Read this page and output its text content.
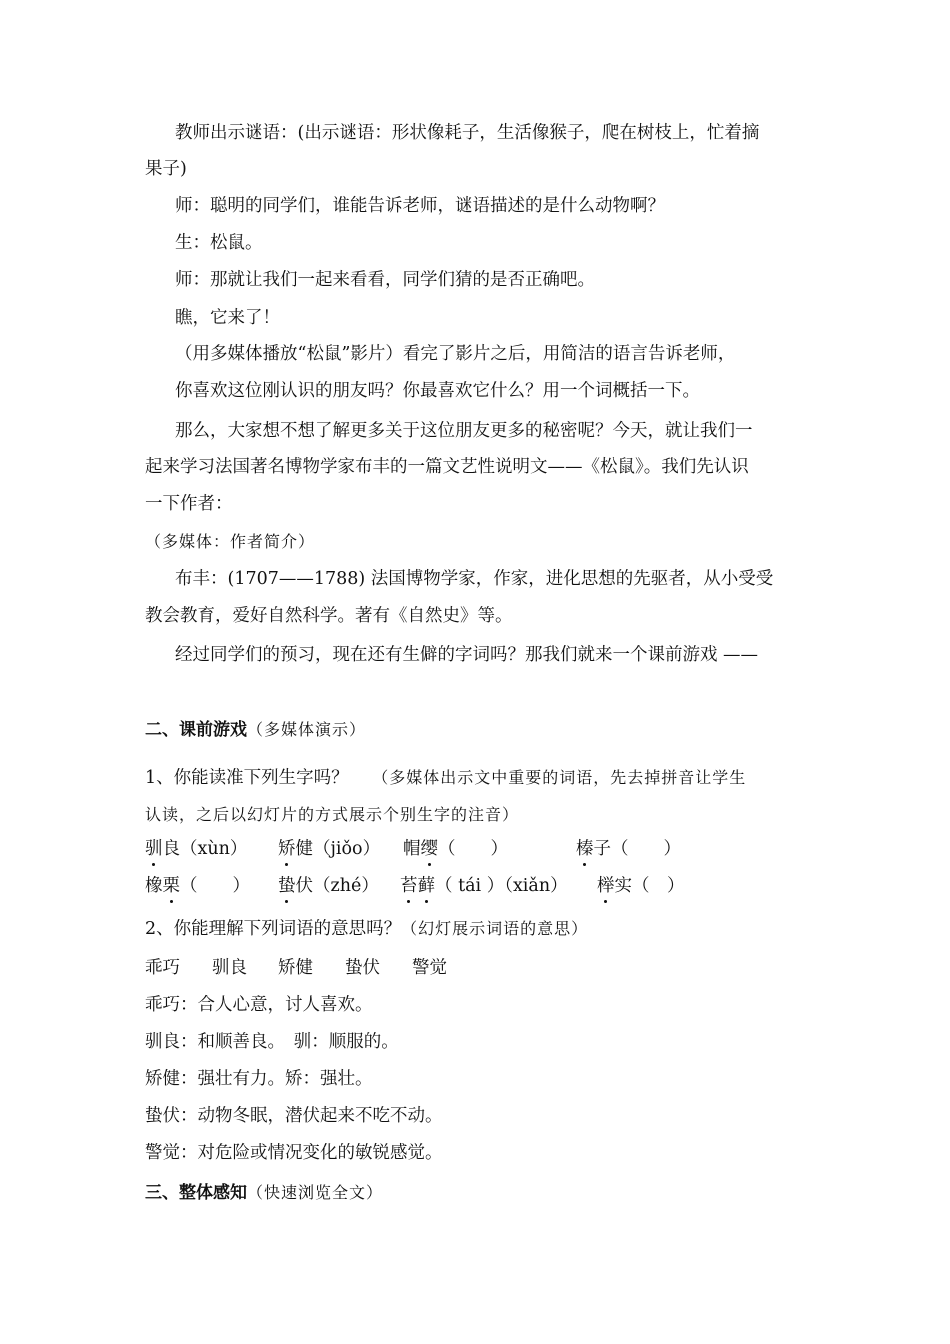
教师出示谜语：(出示谜语：形状像耗子，生活像猴子，爬在树枝上，忙着摘
果子)
师：聪明的同学们，谁能告诉老师，谜语描述的是什么动物啊？
生：松鼠。
师：那就让我们一起来看看，同学们猜的是否正确吧。
瞧，它来了！
（用多媒体播放“松鼠”影片）看完了影片之后，用简洁的语言告诉老师，
你喜欢这位刚认识的朋友吗？你最喜欢它什么？用一个词概括一下。
那么，大家想不想了解更多关于这位朋友更多的秘密呢？今天，就让我们一
起来学习法国著名博物学家布丰的一篇文艺性说明文——《松鼠》。我们先认识
一下作者：
（多媒体：作者简介）
布丰：(1707——1788) 法国博物学家，作家，进化思想的先驱者，从小受受
教会教育，爱好自然科学。著有《自然史》等。
经过同学们的预习，现在还有生僻的字词吗？那我们就来一个课前游戏 ——
二、课前游戏（多媒体演示）
1、你能读准下列生字吗？ （多媒体出示文中重要的词语，先去掉拼音让学生
认读，之后以幻灯片的方式展示个别生字的注音）
驯良（xùn） 矫健（jiǒo） 帽缨（　　）	榛子（　　）
橡栗（　　） 蛰伏（zhé） 苔藓（ tái ）（xiǎn） 榉实（　）
2、你能理解下列词语的意思吗？（幻灯展示词语的意思）
乖巧 驯良 矫健 蛰伏 警觉
乖巧：合人心意，讨人喜欢。
驯良：和顺善良。　驯：顺服的。
矫健：强壮有力。矫：强壮。
蛰伏：动物冬眠，潜伏起来不吃不动。
警觉：对危险或情况变化的敏锐感觉。
三、整体感知（快速浏览全文）
